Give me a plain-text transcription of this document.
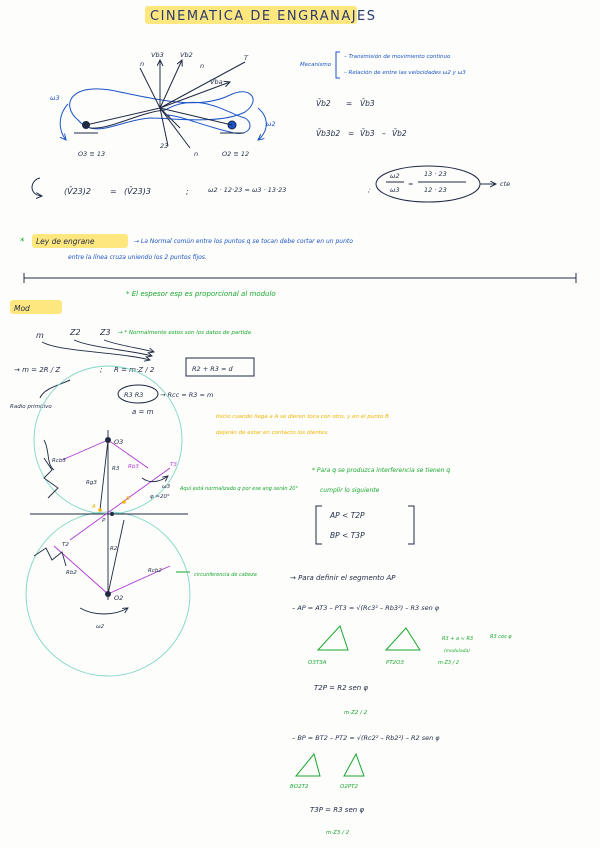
CINEMATICA DE ENGRANAJES
Vb3	Vb2
Vba
T
n	n
n
ω3
ω2
O3 ≡ 13	O2 ≡ 12
23
a
Mecanismo
– Transmisión de movimiento continuo
– Relación de entre las velocidades ω2 y ω3
V̄b2 = V̄b3
V̄b3b2 = V̄b3 – V̄b2
(V̄23)2 = (V̄23)3	;	ω2 · 12·23 = ω3 · 13·23	;
ω2
ω3
=
13 · 23
12 · 23
cte
* Ley de engrane	→ La Normal común entre los puntos q se tocan debe cortar en un punto
entre la línea cruza uniendo los 2 puntos fijos.
* El espesor esp es proporcional al modulo
Mod
m	Z2 Z3 → * Normalmente estos son los datos de partida
→ m = 2R / Z	; R = m·Z / 2	R2 + R3 = d
Radio primitivo
R3 R3	→ Rcc = R3 = m
a = m
Inicio cuando llega a A se dieron toca con otro, y en el punto B
dejarán de estar en contacto los dientes.
O3
O2
Rcb3
Rg3
R3
R2
Rb2
Rb3
Rcb2
P
A
B
T2
T3
φ ≈20°
ω2
ω3 Aquí está normalizado q por ese ang serán 20°
circunferencia de cabeza
* Para q se produzca interferencia se tienen q
cumplir lo siguiente
AP < T2P
BP < T3P
→ Para definir el segmento AP
– AP = AT3 – PT3 = √(Rc3² – Rb3²) – R3 sen φ
O3T3A	PT2O3
R3 + a ≈ R3	R3 cos φ
(modulada)
m·Z3 / 2
T2P = R2 sen φ
m·Z2 / 2
– BP = BT2 – PT2 = √(Rc2² – Rb2²) – R2 sen φ
BO2T2	O2PT2
T3P = R3 sen φ
m·Z3 / 2
